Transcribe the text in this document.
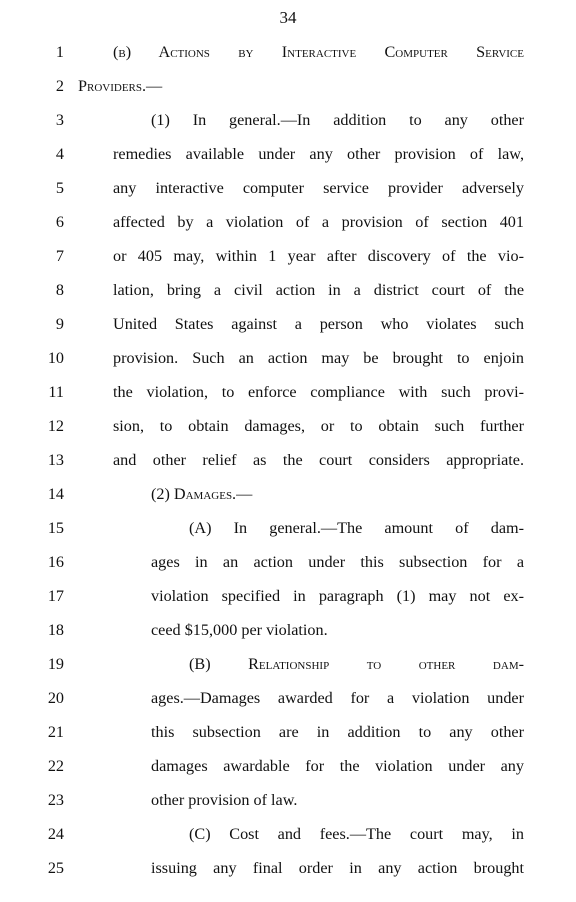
34
1	(b) Actions by Interactive Computer Service
2 Providers.—
3	(1) In general.—In addition to any other
4	remedies available under any other provision of law,
5	any interactive computer service provider adversely
6	affected by a violation of a provision of section 401
7	or 405 may, within 1 year after discovery of the vio-
8	lation, bring a civil action in a district court of the
9	United States against a person who violates such
10	provision. Such an action may be brought to enjoin
11	the violation, to enforce compliance with such provi-
12	sion, to obtain damages, or to obtain such further
13	and other relief as the court considers appropriate.
14	(2) Damages.—
15	(A) In general.—The amount of dam-
16	ages in an action under this subsection for a
17	violation specified in paragraph (1) may not ex-
18	ceed $15,000 per violation.
19	(B) Relationship to other dam-
20	ages.—Damages awarded for a violation under
21	this subsection are in addition to any other
22	damages awardable for the violation under any
23	other provision of law.
24	(C) Cost and fees.—The court may, in
25	issuing any final order in any action brought
